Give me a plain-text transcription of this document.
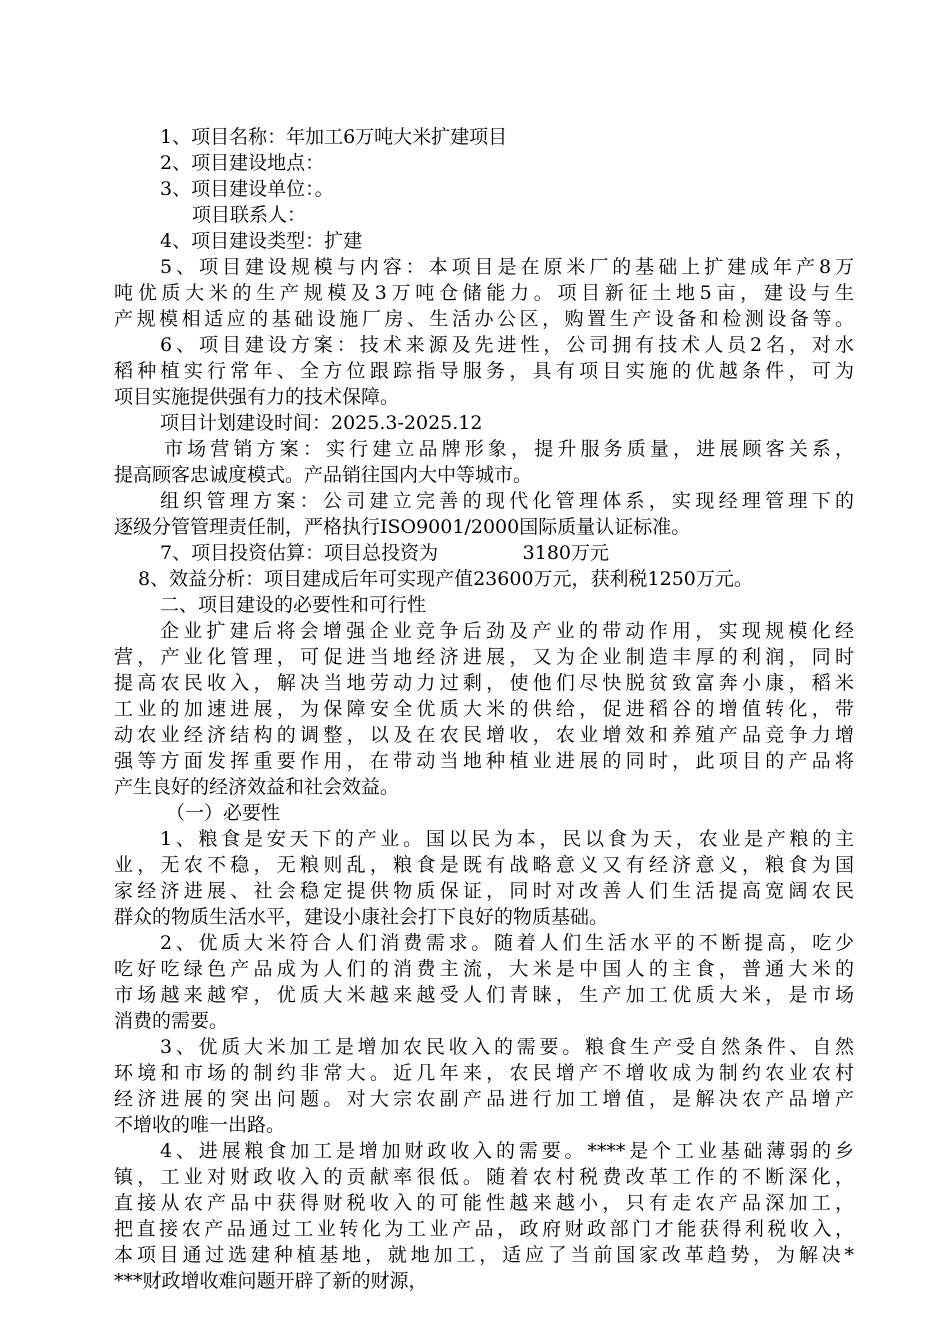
1、项目名称：年加工6万吨大米扩建项目

2、项目建设地点：

3、项目建设单位：。

项目联系人：

4、项目建设类型：扩建

5、项目建设规模与内容：本项目是在原米厂的基础上扩建成年产8万

吨优质大米的生产规模及3万吨仓储能力。项目新征土地5亩，建设与生

产规模相适应的基础设施厂房、生活办公区，购置生产设备和检测设备等。

6、项目建设方案：技术来源及先进性，公司拥有技术人员2名，对水

稻种植实行常年、全方位跟踪指导服务，具有项目实施的优越条件，可为

项目实施提供强有力的技术保障。

项目计划建设时间：2025.3-2025.12

市场营销方案：实行建立品牌形象，提升服务质量，进展顾客关系，

提高顾客忠诚度模式。产品销往国内大中等城市。

组织管理方案：公司建立完善的现代化管理体系，实现经理管理下的

逐级分管管理责任制，严格执行ISO9001/2000国际质量认证标准。

7、项目投资估算：项目总投资为              3180万元

8、效益分析：项目建成后年可实现产值23600万元，获利税1250万元。

二、项目建设的必要性和可行性

企业扩建后将会增强企业竞争后劲及产业的带动作用，实现规模化经

营，产业化管理，可促进当地经济进展，又为企业制造丰厚的利润，同时

提高农民收入，解决当地劳动力过剩，使他们尽快脱贫致富奔小康，稻米

工业的加速进展，为保障安全优质大米的供给，促进稻谷的增值转化，带

动农业经济结构的调整，以及在农民增收，农业增效和养殖产品竞争力增

强等方面发挥重要作用，在带动当地种植业进展的同时，此项目的产品将

产生良好的经济效益和社会效益。

（一）必要性

1、粮食是安天下的产业。国以民为本，民以食为天，农业是产粮的主

业，无农不稳，无粮则乱，粮食是既有战略意义又有经济意义，粮食为国

家经济进展、社会稳定提供物质保证，同时对改善人们生活提高宽阔农民

群众的物质生活水平，建设小康社会打下良好的物质基础。

2、优质大米符合人们消费需求。随着人们生活水平的不断提高，吃少

吃好吃绿色产品成为人们的消费主流，大米是中国人的主食，普通大米的

市场越来越窄，优质大米越来越受人们青睐，生产加工优质大米，是市场

消费的需要。

3、优质大米加工是增加农民收入的需要。粮食生产受自然条件、自然

环境和市场的制约非常大。近几年来，农民增产不增收成为制约农业农村

经济进展的突出问题。对大宗农副产品进行加工增值，是解决农产品增产

不增收的唯一出路。

4、进展粮食加工是增加财政收入的需要。****是个工业基础薄弱的乡

镇，工业对财政收入的贡献率很低。随着农村税费改革工作的不断深化，

直接从农产品中获得财税收入的可能性越来越小，只有走农产品深加工，

把直接农产品通过工业转化为工业产品，政府财政部门才能获得利税收入，

本项目通过选建种植基地，就地加工，适应了当前国家改革趋势，为解决*

***财政增收难问题开辟了新的财源，
